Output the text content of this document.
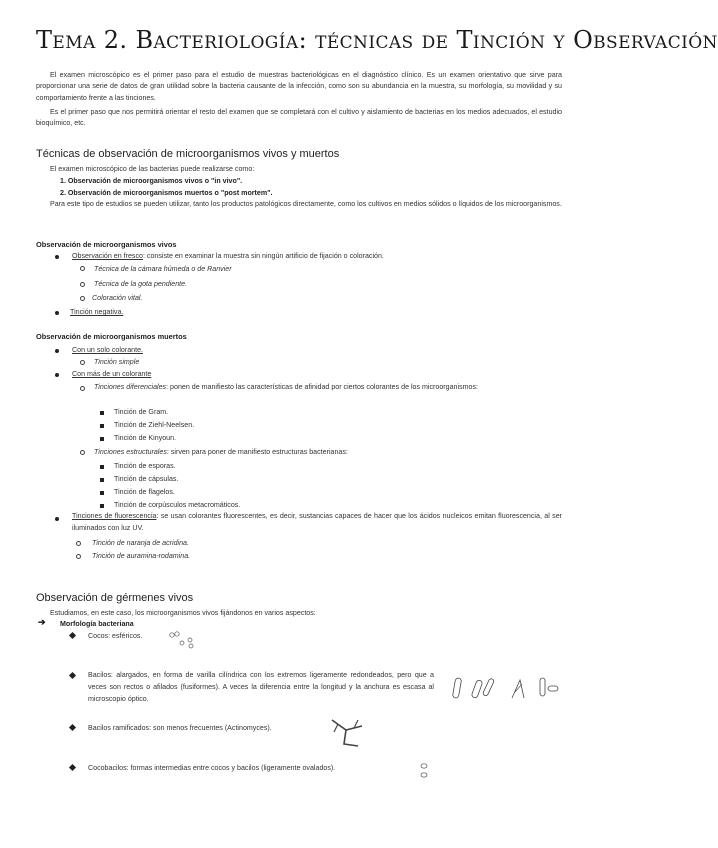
Tema 2. Bacteriología: técnicas de Tinción y Observación
El examen microscópico es el primer paso para el estudio de muestras bacteriológicas en el diagnóstico clínico. Es un examen orientativo que sirve para proporcionar una serie de datos de gran utilidad sobre la bacteria causante de la infección, como son su abundancia en la muestra, su morfología, su movilidad y su comportamiento frente a las tinciones.
Es el primer paso que nos permitirá orientar el resto del examen que se completará con el cultivo y aislamiento de bacterias en los medios adecuados, el estudio bioquímico, etc.
Técnicas de observación de microorganismos vivos y muertos
El examen microscópico de las bacterias puede realizarse como:
1. Observación de microorganismos vivos o "in vivo".
2. Observación de microorganismos muertos o "post mortem".
Para este tipo de estudios se pueden utilizar, tanto los productos patológicos directamente, como los cultivos en medios sólidos o líquidos de los microorganismos.
Observación de microorganismos vivos
Observación en fresco: consiste en examinar la muestra sin ningún artificio de fijación o coloración.
Técnica de la cámara húmeda o de Ranvier
Técnica de la gota pendiente.
Coloración vital.
Tinción negativa.
Observación de microorganismos muertos
Con un solo colorante.
Tinción simple
Con más de un colorante
Tinciones diferenciales: ponen de manifiesto las características de afinidad por ciertos colorantes de los microorganismos:
Tinción de Gram.
Tinción de Ziehl-Neelsen.
Tinción de Kinyoun.
Tinciones estructurales: sirven para poner de manifiesto estructuras bacterianas:
Tinción de esporas.
Tinción de cápsulas.
Tinción de flagelos.
Tinción de corpúsculos metacromáticos.
Tinciones de fluorescencia: se usan colorantes fluorescentes, es decir, sustancias capaces de hacer que los ácidos nucleicos emitan fluorescencia, al ser iluminados con luz UV.
Tinción de naranja de acridina.
Tinción de auramina-rodamina.
Observación de gérmenes vivos
Estudiamos, en este caso, los microorganismos vivos fijándonos en varios aspectos:
➔ Morfología bacteriana
Cocos: esféricos.
Bacilos: alargados, en forma de varilla cilíndrica con los extremos ligeramente redondeados, pero que a veces son rectos o afilados (fusiformes). A veces la diferencia entre la longitud y la anchura es escasa al microscopio óptico.
Bacilos ramificados: son menos frecuentes (Actinomyces).
Cocobacilos: formas intermedias entre cocos y bacilos (ligeramente ovalados).
